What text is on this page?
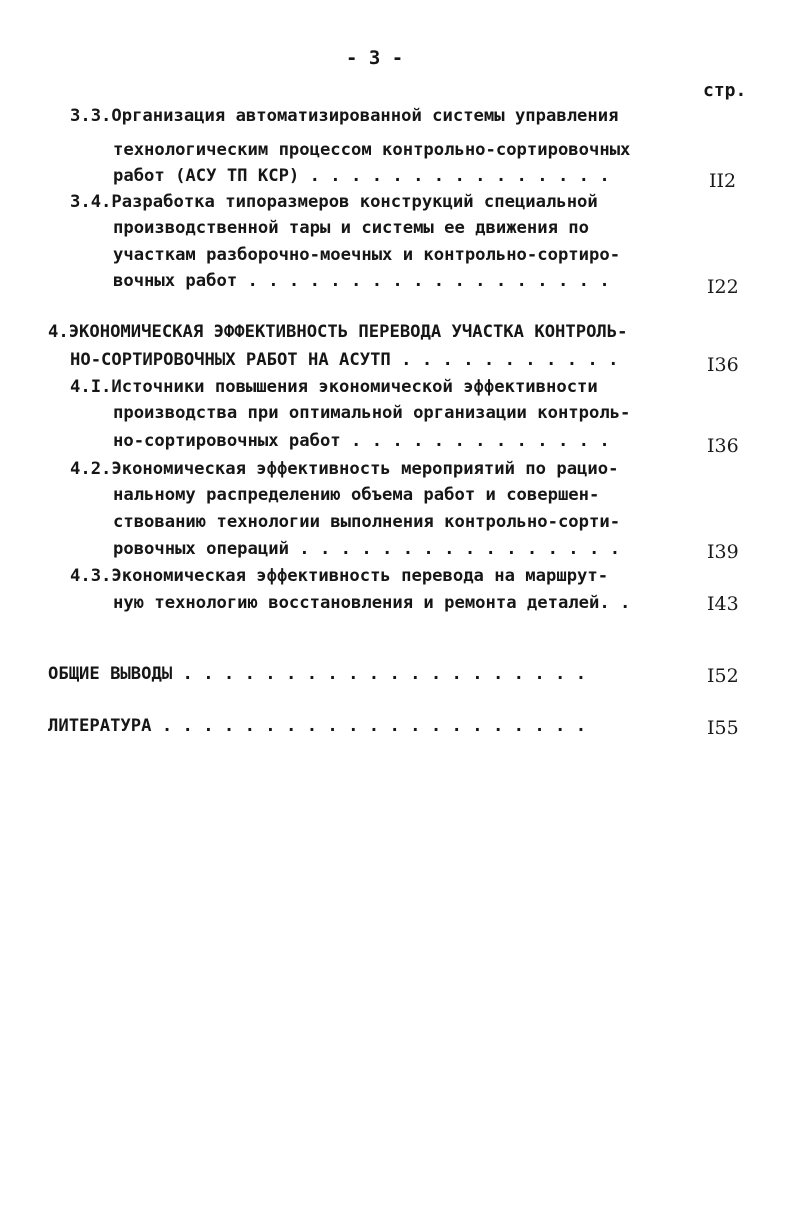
- 3 -
стр.
3.3.Организация автоматизированной системы управления
технологическим процессом контрольно-сортировочных
работ (АСУ ТП КСР) . . . . . . . . . . . . . . .	II2
3.4.Разработка типоразмеров конструкций специальной
производственной тары и системы ее движения по
участкам разборочно-моечных и контрольно-сортиро-
вочных работ . . . . . . . . . . . . . . . . . .	I22
4.ЭКОНОМИЧЕСКАЯ ЭФФЕКТИВНОСТЬ ПЕРЕВОДА УЧАСТКА КОНТРОЛЬ-
НО-СОРТИРОВОЧНЫХ РАБОТ НА АСУТП . . . . . . . . . . .	I36
4.I.Источники повышения экономической эффективности
производства при оптимальной организации контроль-
но-сортировочных работ . . . . . . . . . . . . .	I36
4.2.Экономическая эффективность мероприятий по рацио-
нальному распределению объема работ и совершен-
ствованию технологии выполнения контрольно-сорти-
ровочных операций . . . . . . . . . . . . . . . .	I39
4.3.Экономическая эффективность перевода на маршрут-
ную технологию восстановления и ремонта деталей. .	I43
ОБЩИЕ ВЫВОДЫ . . . . . . . . . . . . . . . . . . . .	I52
ЛИТЕРАТУРА . . . . . . . . . . . . . . . . . . . . .	I55
